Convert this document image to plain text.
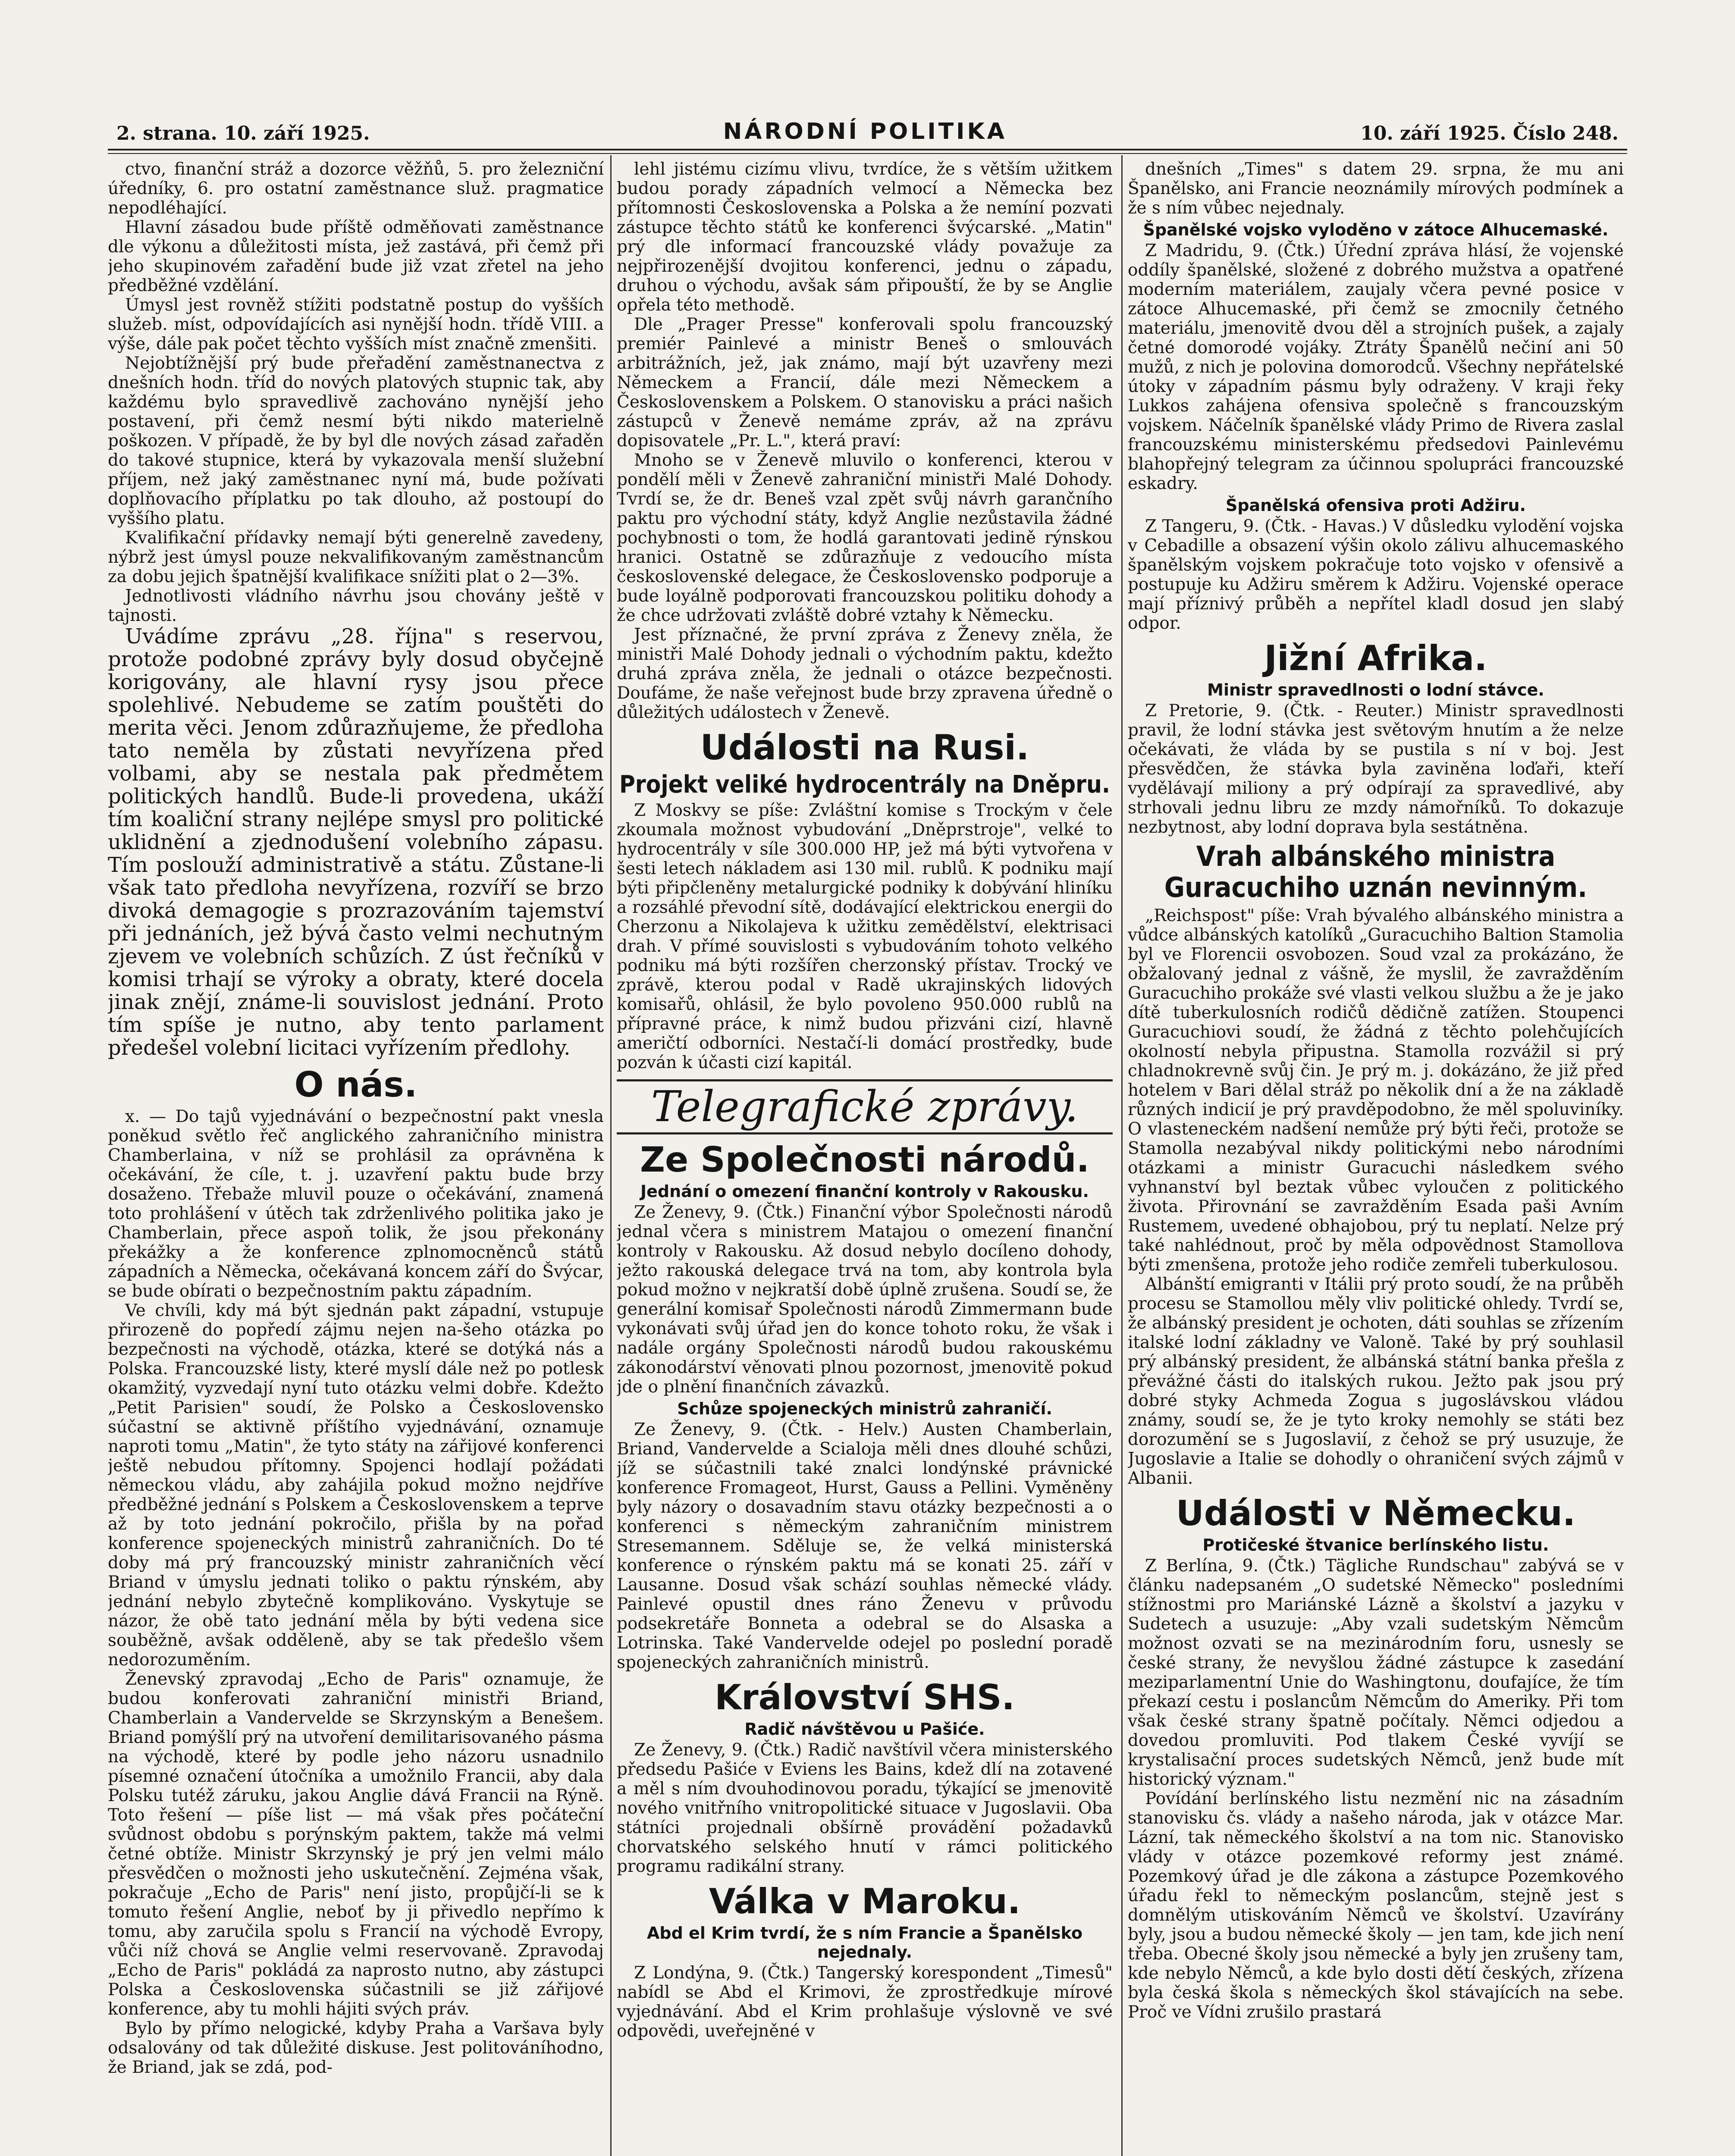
2. strana. 10. září 1925.	NÁRODNÍ POLITIKA	10. září 1925. Číslo 248.

ctvo, finanční stráž a dozorce věžňů, 5. pro železniční úředníky, 6. pro ostatní zaměstnance služ. pragmatice nepodléhající.

Hlavní zásadou bude příště odměňovati zaměstnance dle výkonu a důležitosti místa, jež zastává, při čemž při jeho skupinovém zařadění bude již vzat zřetel na jeho předběžné vzdělání.

Úmysl jest rovněž stížiti podstatně postup do vyšších služeb. míst, odpovídajících asi nynější hodn. třídě VIII. a výše, dále pak počet těchto vyšších míst značně zmenšiti.

Nejobtížnější prý bude přeřadění zaměstnanectva z dnešních hodn. tříd do nových platových stupnic tak, aby každému bylo spravedlivě zachováno nynější jeho postavení, při čemž nesmí býti nikdo materielně poškozen. V případě, že by byl dle nových zásad zařaděn do takové stupnice, která by vykazovala menší služební příjem, než jaký zaměstnanec nyní má, bude požívati doplňovacího příplatku po tak dlouho, až postoupí do vyššího platu.

Kvalifikační přídavky nemají býti generelně zavedeny, nýbrž jest úmysl pouze nekvalifikovaným zaměstnancům za dobu jejich špatnější kvalifikace snížiti plat o 2—3%.

Jednotlivosti vládního návrhu jsou chovány ještě v tajnosti.

Uvádíme zprávu „28. října" s reservou, protože podobné zprávy byly dosud obyčejně korigovány, ale hlavní rysy jsou přece spolehlivé. Nebudeme se zatím pouštěti do merita věci. Jenom zdůrazňujeme, že předloha tato neměla by zůstati nevyřízena před volbami, aby se nestala pak předmětem politických handlů. Bude-li provedena, ukáží tím koaliční strany nejlépe smysl pro politické uklidnění a zjednodušení volebního zápasu. Tím poslouží administrativě a státu. Zůstane-li však tato předloha nevyřízena, rozvíří se brzo divoká demagogie s prozrazováním tajemství při jednáních, jež bývá často velmi nechutným zjevem ve volebních schůzích. Z úst řečníků v komisi trhají se výroky a obraty, které docela jinak znějí, známe-li souvislost jednání. Proto tím spíše je nutno, aby tento parlament předešel volební licitaci vyřízením předlohy.

O nás.

x. — Do tajů vyjednávání o bezpečnostní pakt vnesla poněkud světlo řeč anglického zahraničního ministra Chamberlaina, v níž se prohlásil za oprávněna k očekávání, že cíle, t. j. uzavření paktu bude brzy dosaženo. Třebaže mluvil pouze o očekávání, znamená toto prohlášení v útěch tak zdrženlivého politika jako je Chamberlain, přece aspoň tolik, že jsou překonány překážky a že konference zplnomocněnců států západních a Německa, očekávaná koncem září do Švýcar, se bude obírati o bezpečnostním paktu západním.

Ve chvíli, kdy má být sjednán pakt západní, vstupuje přirozeně do popředí zájmu nejen na-šeho otázka po bezpečnosti na východě, otázka, které se dotýká nás a Polska. Francouzské listy, které myslí dále než po potlesk okamžitý, vyzvedají nyní tuto otázku velmi dobře. Kdežto „Petit Parisien" soudí, že Polsko a Československo súčastní se aktivně příštího vyjednávání, oznamuje naproti tomu „Matin", že tyto státy na zářijové konferenci ještě nebudou přítomny. Spojenci hodlají požádati německou vládu, aby zahájila pokud možno nejdříve předběžné jednání s Polskem a Československem a teprve až by toto jednání pokročilo, přišla by na pořad konference spojeneckých ministrů zahraničních. Do té doby má prý francouzský ministr zahraničních věcí Briand v úmyslu jednati toliko o paktu rýnském, aby jednání nebylo zbytečně komplikováno. Vyskytuje se názor, že obě tato jednání měla by býti vedena sice souběžně, avšak odděleně, aby se tak předešlo všem nedorozuměním.

Ženevský zpravodaj „Echo de Paris" oznamuje, že budou konferovati zahraniční ministři Briand, Chamberlain a Vandervelde se Skrzynským a Benešem. Briand pomýšlí prý na utvoření demilitarisovaného pásma na východě, které by podle jeho názoru usnadnilo písemné označení útočníka a umožnilo Francii, aby dala Polsku tutéž záruku, jakou Anglie dává Francii na Rýně. Toto řešení — píše list — má však přes počáteční svůdnost obdobu s porýnským paktem, takže má velmi četné obtíže. Ministr Skrzynský je prý jen velmi málo přesvědčen o možnosti jeho uskutečnění. Zejména však, pokračuje „Echo de Paris" není jisto, propůjčí-li se k tomuto řešení Anglie, neboť by ji přivedlo nepřímo k tomu, aby zaručila spolu s Francií na východě Evropy, vůči níž chová se Anglie velmi reservovaně. Zpravodaj „Echo de Paris" pokládá za naprosto nutno, aby zástupci Polska a Československa súčastnili se již zářijové konference, aby tu mohli hájiti svých práv.

Bylo by přímo nelogické, kdyby Praha a Varšava byly odsalovány od tak důležité diskuse. Jest politováníhodno, že Briand, jak se zdá, pod-

lehl jistému cizímu vlivu, tvrdíce, že s větším užitkem budou porady západních velmocí a Německa bez přítomnosti Československa a Polska a že nemíní pozvati zástupce těchto států ke konferenci švýcarské. „Matin" prý dle informací francouzské vlády považuje za nejpřirozenější dvojitou konferenci, jednu o západu, druhou o východu, avšak sám připouští, že by se Anglie opřela této methodě.

Dle „Prager Presse" konferovali spolu francouzský premiér Painlevé a ministr Beneš o smlouvách arbitrážních, jež, jak známo, mají být uzavřeny mezi Německem a Francií, dále mezi Německem a Československem a Polskem. O stanovisku a práci našich zástupců v Ženevě nemáme zpráv, až na zprávu dopisovatele „Pr. L.", která praví:

Mnoho se v Ženevě mluvilo o konferenci, kterou v pondělí měli v Ženevě zahraniční ministři Malé Dohody. Tvrdí se, že dr. Beneš vzal zpět svůj návrh garančního paktu pro východní státy, když Anglie nezůstavila žádné pochybnosti o tom, že hodlá garantovati jedině rýnskou hranici. Ostatně se zdůrazňuje z vedoucího místa československé delegace, že Československo podporuje a bude loyálně podporovati francouzskou politiku dohody a že chce udržovati zvláště dobré vztahy k Německu.

Jest příznačné, že první zpráva z Ženevy zněla, že ministři Malé Dohody jednali o východním paktu, kdežto druhá zpráva zněla, že jednali o otázce bezpečnosti. Doufáme, že naše veřejnost bude brzy zpravena úředně o důležitých událostech v Ženevě.

Události na Rusi.
Projekt veliké hydrocentrály na Dněpru.

Z Moskvy se píše: Zvláštní komise s Trockým v čele zkoumala možnost vybudování „Dněprstroje", velké to hydrocentrály v síle 300.000 HP, jež má býti vytvořena v šesti letech nákladem asi 130 mil. rublů. K podniku mají býti připčleněny metalurgické podniky k dobývání hliníku a rozsáhlé převodní sítě, dodávající elektrickou energii do Cherzonu a Nikolajeva k užitku zemědělství, elektrisaci drah. V přímé souvislosti s vybudováním tohoto velkého podniku má býti rozšířen cherzonský přístav. Trocký ve zprávě, kterou podal v Radě ukrajinských lidových komisařů, ohlásil, že bylo povoleno 950.000 rublů na přípravné práce, k nimž budou přizváni cizí, hlavně američtí odborníci. Nestačí-li domácí prostředky, bude pozván k účasti cizí kapitál.

Telegrafické zprávy.
Ze Společnosti národů.
Jednání o omezení finanční kontroly v Rakousku.

Ze Ženevy, 9. (Čtk.) Finanční výbor Společnosti národů jednal včera s ministrem Matajou o omezení finanční kontroly v Rakousku. Až dosud nebylo docíleno dohody, ježto rakouská delegace trvá na tom, aby kontrola byla pokud možno v nejkratší době úplně zrušena. Soudí se, že generální komisař Společnosti národů Zimmermann bude vykonávati svůj úřad jen do konce tohoto roku, že však i nadále orgány Společnosti národů budou rakouskému zákonodárství věnovati plnou pozornost, jmenovitě pokud jde o plnění finančních závazků.

Schůze spojeneckých ministrů zahraničí.

Ze Ženevy, 9. (Čtk. - Helv.) Austen Chamberlain, Briand, Vandervelde a Scialoja měli dnes dlouhé schůzi, jíž se súčastnili také znalci londýnské právnické konference Fromageot, Hurst, Gauss a Pellini. Vyměněny byly názory o dosavadním stavu otázky bezpečnosti a o konferenci s německým zahraničním ministrem Stresemannem. Sděluje se, že velká ministerská konference o rýnském paktu má se konati 25. září v Lausanne. Dosud však schází souhlas německé vlády. Painlevé opustil dnes ráno Ženevu v průvodu podsekretáře Bonneta a odebral se do Alsaska a Lotrinska. Také Vandervelde odejel po poslední poradě spojeneckých zahraničních ministrů.

Království SHS.
Radič návštěvou u Pašiće.

Ze Ženevy, 9. (Čtk.) Radič navštívil včera ministerského předsedu Pašiće v Eviens les Bains, kdež dlí na zotavené a měl s ním dvouhodinovou poradu, týkající se jmenovitě nového vnitřního vnitropolitické situace v Jugoslavii. Oba státníci projednali obšírně provádění požadavků chorvatského selského hnutí v rámci politického programu radikální strany.

Válka v Maroku.
Abd el Krim tvrdí, že s ním Francie a Španělsko nejednaly.

Z Londýna, 9. (Čtk.) Tangerský korespondent „Timesů" nabídl se Abd el Krimovi, že zprostředkuje mírové vyjednávání. Abd el Krim prohlašuje výslovně ve své odpovědi, uveřejněné v

dnešních „Times" s datem 29. srpna, že mu ani Španělsko, ani Francie neoznámily mírových podmínek a že s ním vůbec nejednaly.

Španělské vojsko vyloděno v zátoce Alhucemaské.

Z Madridu, 9. (Čtk.) Úřední zpráva hlásí, že vojenské oddíly španělské, složené z dobrého mužstva a opatřené moderním materiálem, zaujaly včera pevné posice v zátoce Alhucemaské, při čemž se zmocnily četného materiálu, jmenovitě dvou děl a strojních pušek, a zajaly četné domorodé vojáky. Ztráty Španělů nečiní ani 50 mužů, z nich je polovina domorodců. Všechny nepřátelské útoky v západním pásmu byly odraženy. V kraji řeky Lukkos zahájena ofensiva společně s francouzským vojskem. Náčelník španělské vlády Primo de Rivera zaslal francouzskému ministerskému předsedovi Painlevému blahopřejný telegram za účinnou spolupráci francouzské eskadry.

Španělská ofensiva proti Adžiru.

Z Tangeru, 9. (Čtk. - Havas.) V důsledku vylodění vojska v Cebadille a obsazení výšin okolo zálivu alhucemaského španělským vojskem pokračuje toto vojsko v ofensivě a postupuje ku Adžiru směrem k Adžiru. Vojenské operace mají příznivý průběh a nepřítel kladl dosud jen slabý odpor.

Jižní Afrika.
Ministr spravedlnosti o lodní stávce.

Z Pretorie, 9. (Čtk. - Reuter.) Ministr spravedlnosti pravil, že lodní stávka jest světovým hnutím a že nelze očekávati, že vláda by se pustila s ní v boj. Jest přesvědčen, že stávka byla zaviněna loďaři, kteří vydělávají miliony a prý odpírají za spravedlivé, aby strhovali jednu libru ze mzdy námořníků. To dokazuje nezbytnost, aby lodní doprava byla sestátněna.

Vrah albánského ministra Guracuchiho uznán nevinným.

„Reichspost" píše: Vrah bývalého albánského ministra a vůdce albánských katolíků „Guracuchiho Baltion Stamolia byl ve Florencii osvobozen. Soud vzal za prokázáno, že obžalovaný jednal z vášně, že myslil, že zavražděním Guracuchiho prokáže své vlasti velkou službu a že je jako dítě tuberkulosních rodičů dědičně zatížen. Stoupenci Guracuchiovi soudí, že žádná z těchto polehčujících okolností nebyla připustna. Stamolla rozvážil si prý chladnokrevně svůj čin. Je prý m. j. dokázáno, že již před hotelem v Bari dělal stráž po několik dní a že na základě různých indicií je prý pravděpodobno, že měl spoluviníky. O vlasteneckém nadšení nemůže prý býti řeči, protože se Stamolla nezabýval nikdy politickými nebo národními otázkami a ministr Guracuchi následkem svého vyhnanství byl beztak vůbec vyloučen z politického života. Přirovnání se zavražděním Esada paši Avním Rustemem, uvedené obhajobou, prý tu neplatí. Nelze prý také nahlédnout, proč by měla odpovědnost Stamollova býti zmenšena, protože jeho rodiče zemřeli tuberkulosou.

Albánští emigranti v Itálii prý proto soudí, že na průběh procesu se Stamollou měly vliv politické ohledy. Tvrdí se, že albánský president je ochoten, dáti souhlas se zřízením italské lodní základny ve Valoně. Také by prý souhlasil prý albánský president, že albánská státní banka přešla z převážné části do italských rukou. Ježto pak jsou prý dobré styky Achmeda Zogua s jugoslávskou vládou známy, soudí se, že je tyto kroky nemohly se státi bez dorozumění se s Jugoslavií, z čehož se prý usuzuje, že Jugoslavie a Italie se dohodly o ohraničení svých zájmů v Albanii.

Události v Německu.
Protičeské štvanice berlínského listu.

Z Berlína, 9. (Čtk.) Tägliche Rundschau" zabývá se v článku nadepsaném „O sudetské Německo" posledními stížnostmi pro Mariánské Lázně a školství a jazyku v Sudetech a usuzuje: „Aby vzali sudetským Němcům možnost ozvati se na mezinárodním foru, usnesly se české strany, že nevyšlou žádné zástupce k zasedání meziparlamentní Unie do Washingtonu, doufajíce, že tím překazí cestu i poslancům Němcům do Ameriky. Při tom však české strany špatně počítaly. Němci odjedou a dovedou promluviti. Pod tlakem České vyvíjí se krystalisační proces sudetských Němců, jenž bude mít historický význam."

Povídání berlínského listu nezmění nic na zásadním stanovisku čs. vlády a našeho národa, jak v otázce Mar. Lázní, tak německého školství a na tom nic. Stanovisko vlády v otázce pozemkové reformy jest známé. Pozemkový úřad je dle zákona a zástupce Pozemkového úřadu řekl to německým poslancům, stejně jest s domnělým utiskováním Němců ve školství. Uzavírány byly, jsou a budou německé školy — jen tam, kde jich není třeba. Obecné školy jsou německé a byly jen zrušeny tam, kde nebylo Němců, a kde bylo dosti dětí českých, zřízena byla česká škola s německých škol stávajících na sebe. Proč ve Vídni zrušilo prastará
